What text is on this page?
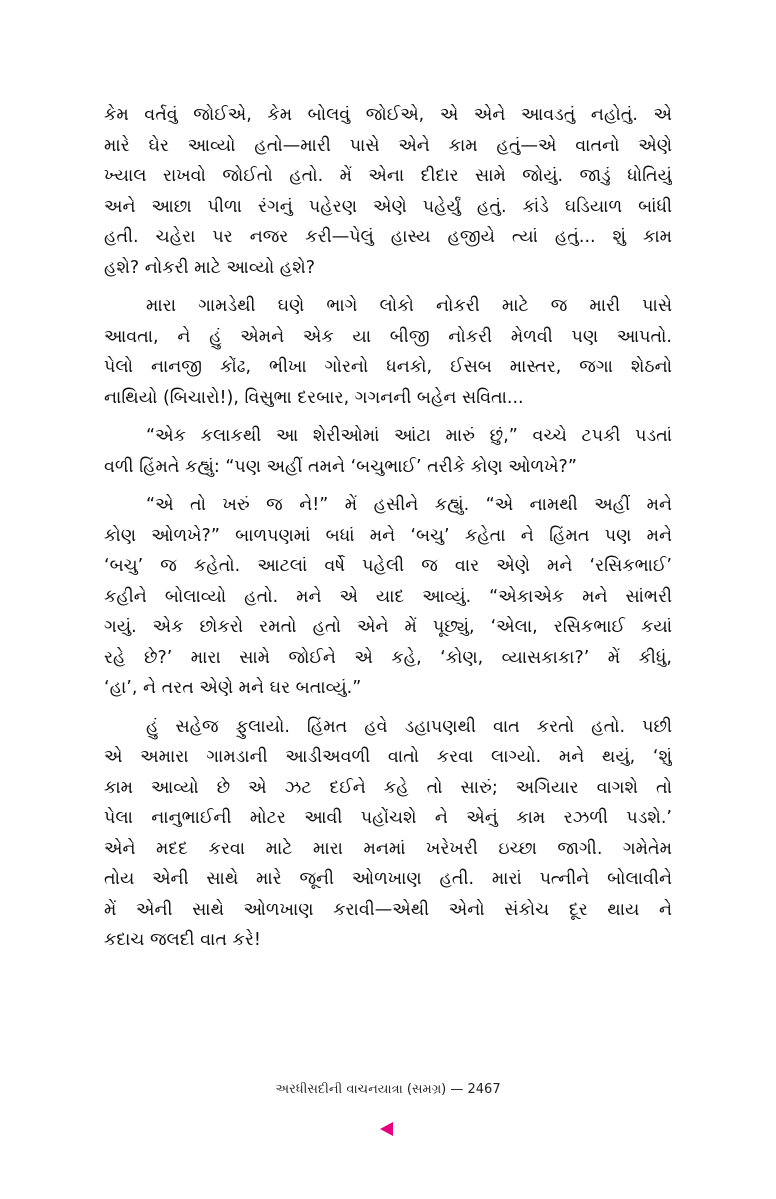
કેમ વર્તવું જોઈએ, કેમ બોલવું જોઈએ, એ એને આવડતું નહોતું. એ
મારે ઘેર આવ્યો હતો—મારી પાસે એને કામ હતું—એ વાતનો એણે
ખ્યાલ રાખવો જોઈતો હતો. મેં એના દીદાર સામે જોયું. જાડું ધોતિયું
અને આછા પીળા રંગનું પહેરણ એણે પહેર્યું હતું. કાંડે ઘડિયાળ બાંધી
હતી. ચહેરા પર નજર કરી—પેલું હાસ્ય હજીયે ત્યાં હતું... શું કામ
હશે? નોકરી માટે આવ્યો હશે?
મારા ગામડેથી ઘણે ભાગે લોકો નોકરી માટે જ મારી પાસે
આવતા, ને હું એમને એક યા બીજી નોકરી મેળવી પણ આપતો.
પેલો નાનજી કોંઢ, ભીખા ગોરનો ધનકો, ઈસબ માસ્તર, જગા શેઠનો
નાથિયો (બિચારો!), વિસુભા દરબાર, ગગનની બહેન સવિતા...
“એક કલાકથી આ શેરીઓમાં આંટા મારું છું,” વચ્ચે ટપકી પડતાં
વળી હિંમતે કહ્યું: “પણ અહીં તમને ‘બચુભાઈ’ તરીકે કોણ ઓળખે?”
“એ તો ખરું જ ને!” મેં હસીને કહ્યું. “એ નામથી અહીં મને
કોણ ઓળખે?” બાળપણમાં બધાં મને ‘બચુ’ કહેતા ને હિંમત પણ મને
‘બચુ’ જ કહેતો. આટલાં વર્ષે પહેલી જ વાર એણે મને ‘રસિકભાઈ’
કહીને બોલાવ્યો હતો. મને એ યાદ આવ્યું. “એકાએક મને સાંભરી
ગયું. એક છોકરો રમતો હતો એને મેં પૂછ્યું, ‘એલા, રસિકભાઈ કયાં
રહે છે?’ મારા સામે જોઈને એ કહે, ‘કોણ, વ્યાસકાકા?’ મેં કીધું,
‘હા’, ને તરત એણે મને ઘર બતાવ્યું.”
હું સહેજ ફુલાયો. હિંમત હવે ડહાપણથી વાત કરતો હતો. પછી
એ અમારા ગામડાની આડીઅવળી વાતો કરવા લાગ્યો. મને થયું, ‘શું
કામ આવ્યો છે એ ઝટ દઈને કહે તો સારું; અગિયાર વાગશે તો
પેલા નાનુભાઈની મોટર આવી પહોંચશે ને એનું કામ રઝળી પડશે.’
એને મદદ કરવા માટે મારા મનમાં ખરેખરી ઇચ્છા જાગી. ગમેતેમ
તોય એની સાથે મારે જૂની ઓળખાણ હતી. મારાં પત્નીને બોલાવીને
મેં એની સાથે ઓળખાણ કરાવી—એથી એનો સંકોચ દૂર થાય ને
કદાચ જલદી વાત કરે!
અરધીસદીની વાચનયાત્રા (સમગ્ર) — 2467
